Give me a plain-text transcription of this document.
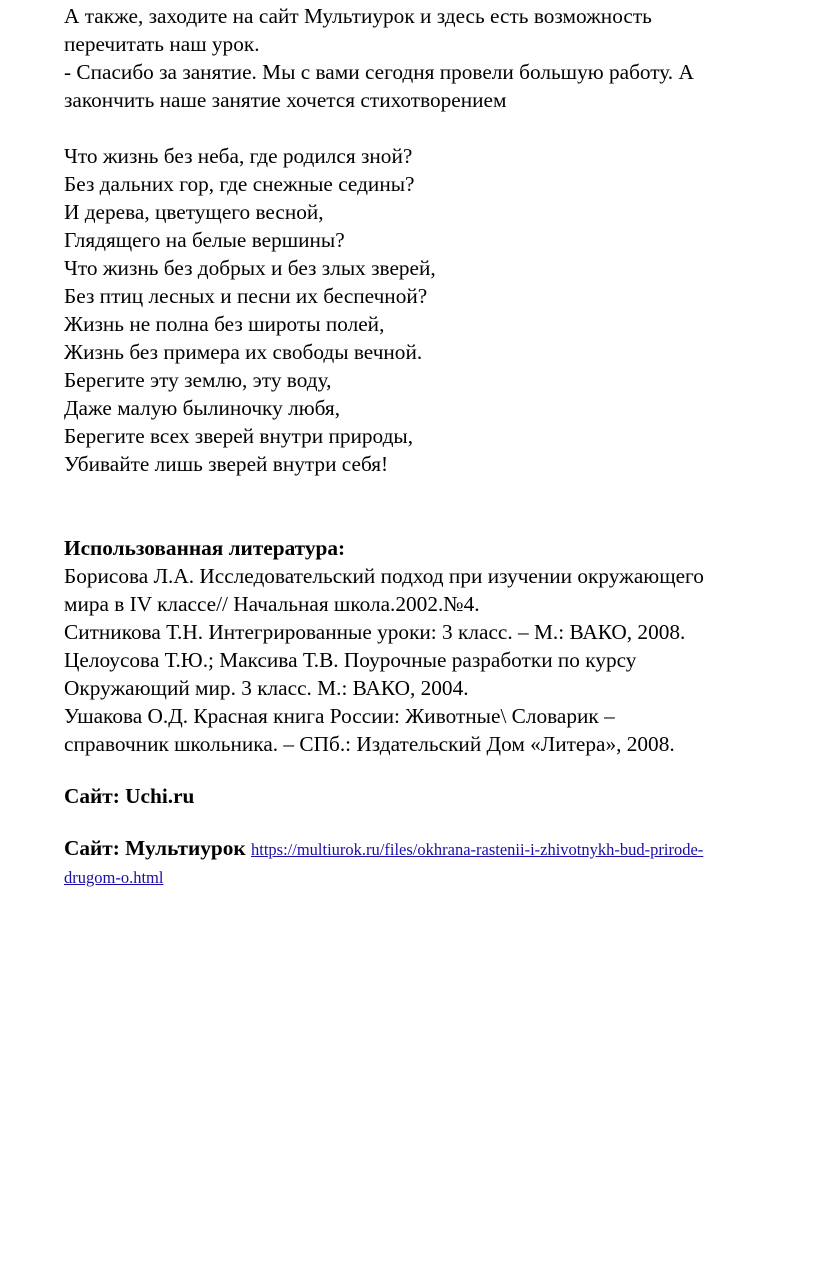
А также, заходите на сайт Мультиурок и здесь есть возможность
перечитать наш урок.
- Спасибо за занятие. Мы с вами сегодня провели большую работу. А
закончить наше занятие хочется стихотворением
Что жизнь без неба, где родился зной?
Без дальних гор, где снежные седины?
И дерева, цветущего весной,
Глядящего на белые вершины?
Что жизнь без добрых и без злых зверей,
Без птиц лесных и песни их беспечной?
Жизнь не полна без широты полей,
Жизнь без примера их свободы вечной.
Берегите эту землю, эту воду,
Даже малую былиночку любя,
Берегите всех зверей внутри природы,
Убивайте лишь зверей внутри себя!
Использованная литература:
Борисова Л.А. Исследовательский подход при изучении окружающего
мира в IV классе// Начальная школа.2002.№4.
Ситникова Т.Н. Интегрированные уроки: 3 класс. – М.: ВАКО, 2008.
Целоусова Т.Ю.; Максива Т.В. Поурочные разработки по курсу
Окружающий мир. 3 класс. М.: ВАКО, 2004.
Ушакова О.Д. Красная книга России: Животные\ Словарик –
справочник школьника. – СПб.: Издательский Дом «Литера», 2008.
Сайт: Uchi.ru
Сайт: Мультиурок https://multiurok.ru/files/okhrana-rastenii-i-zhivotnykh-bud-prirode-
drugom-o.html
